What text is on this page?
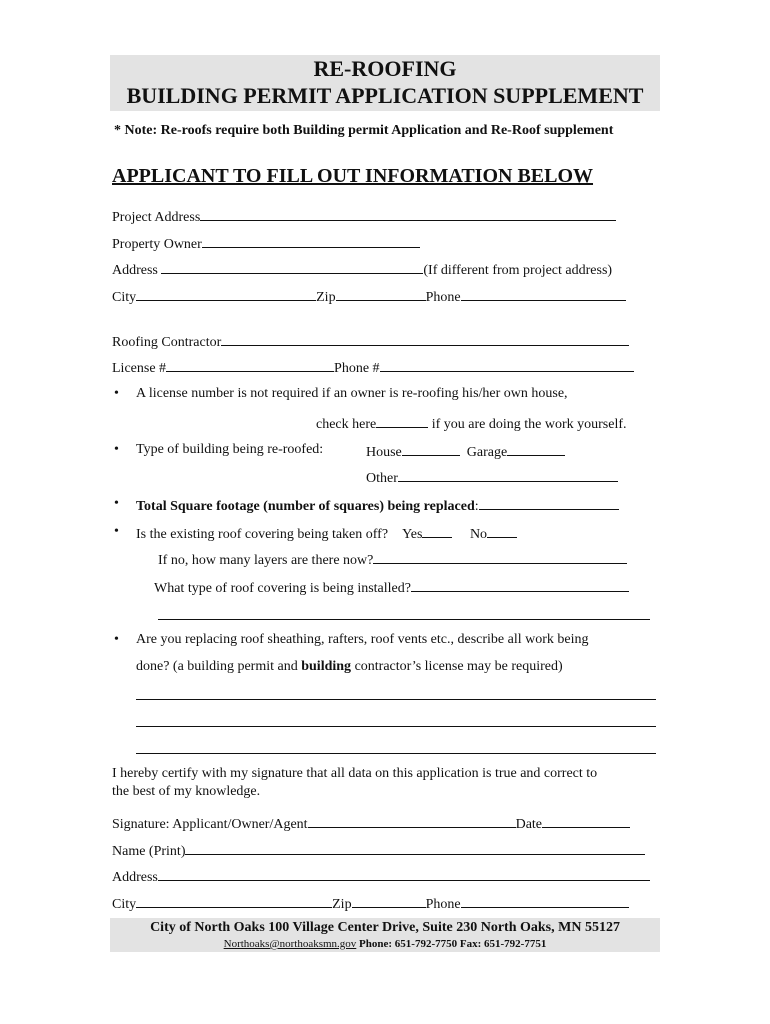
RE-ROOFING
BUILDING PERMIT APPLICATION SUPPLEMENT
* Note: Re-roofs require both Building permit Application and Re-Roof supplement
APPLICANT TO FILL OUT INFORMATION BELOW
Project Address
Property Owner
Address	(If different from project address)
City	Zip	Phone
Roofing Contractor
License #	Phone #
• A license number is not required if an owner is re-roofing his/her own house,
check here	if you are doing the work yourself.
• Type of building being re-roofed:	House	Garage
Other
• Total Square footage (number of squares) being replaced:
• Is the existing roof covering being taken off? Yes	No
If no, how many layers are there now?
What type of roof covering is being installed?
• Are you replacing roof sheathing, rafters, roof vents etc., describe all work being
done? (a building permit and building contractor’s license may be required)
I hereby certify with my signature that all data on this application is true and correct to
the best of my knowledge.
Signature: Applicant/Owner/Agent	Date
Name (Print)
Address
City	Zip	Phone
City of North Oaks 100 Village Center Drive, Suite 230 North Oaks, MN 55127
Northoaks@northoaksmn.gov Phone: 651-792-7750 Fax: 651-792-7751
